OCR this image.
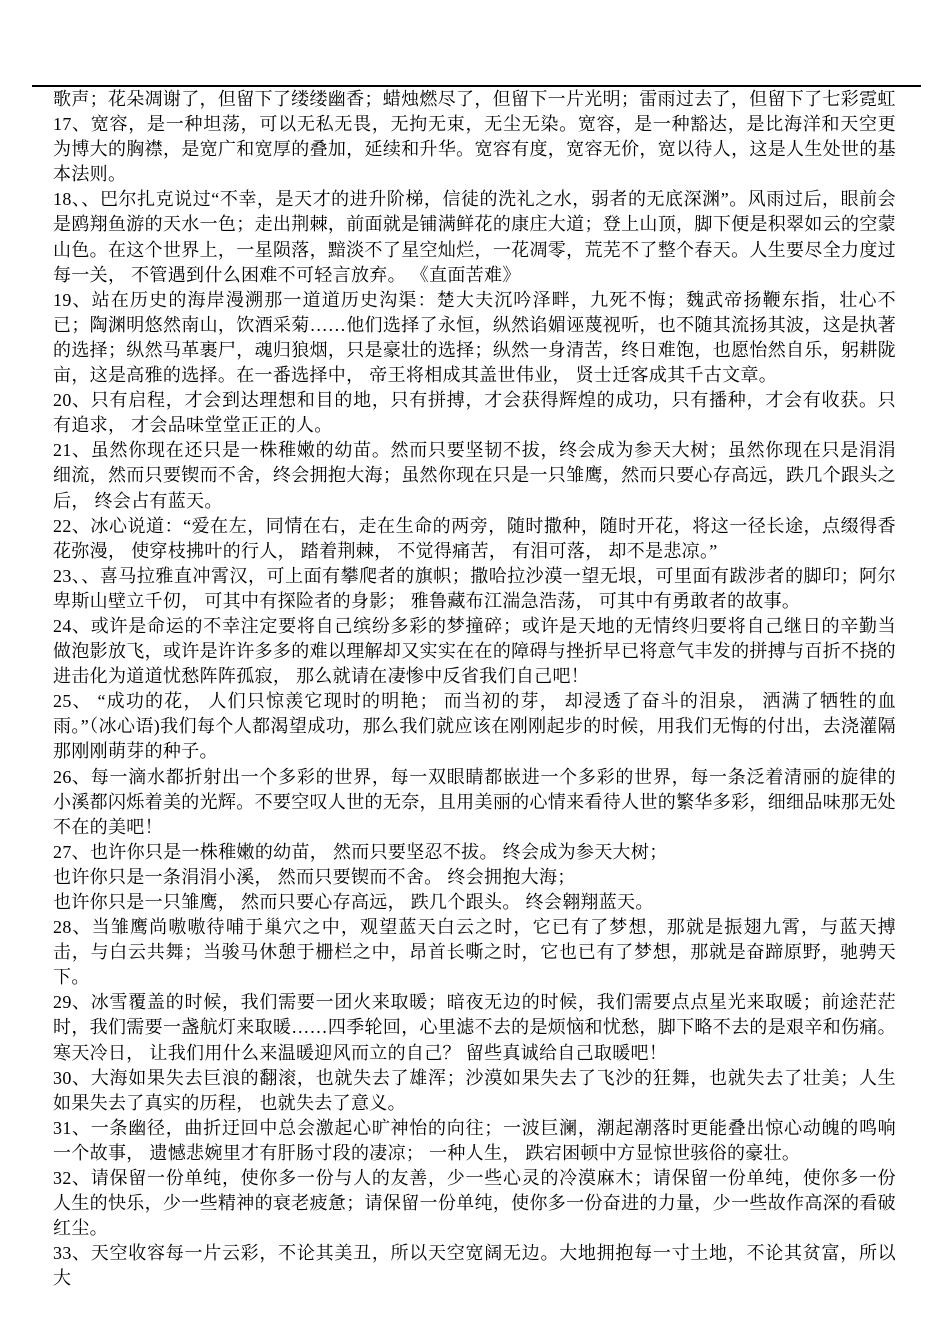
歌声；花朵凋谢了，但留下了缕缕幽香；蜡烛燃尽了，但留下一片光明；雷雨过去了，但留下了七彩霓虹

17、宽容，是一种坦荡，可以无私无畏，无拘无束，无尘无染。宽容，是一种豁达，是比海洋和天空更为博大的胸襟，是宽广和宽厚的叠加，延续和升华。宽容有度，宽容无价，宽以待人，这是人生处世的基本法则。

18、、巴尔扎克说过“不幸，是天才的进升阶梯，信徒的洗礼之水，弱者的无底深渊”。风雨过后，眼前会是鸥翔鱼游的天水一色；走出荆棘，前面就是铺满鲜花的康庄大道；登上山顶，脚下便是积翠如云的空蒙山色。在这个世界上，一星陨落，黯淡不了星空灿烂，一花凋零，荒芜不了整个春天。人生要尽全力度过每一关， 不管遇到什么困难不可轻言放弃。 《直面苦难》

19、站在历史的海岸漫溯那一道道历史沟渠：楚大夫沉吟泽畔，九死不悔；魏武帝扬鞭东指，壮心不已；陶渊明悠然南山，饮酒采菊……他们选择了永恒，纵然谄媚诬蔑视听，也不随其流扬其波，这是执著的选择；纵然马革裹尸，魂归狼烟，只是豪壮的选择；纵然一身清苦，终日难饱，也愿怡然自乐，躬耕陇亩，这是高雅的选择。在一番选择中， 帝王将相成其盖世伟业， 贤士迁客成其千古文章。

20、只有启程，才会到达理想和目的地，只有拼搏，才会获得辉煌的成功，只有播种，才会有收获。只有追求， 才会品味堂堂正正的人。

21、虽然你现在还只是一株稚嫩的幼苗。然而只要坚韧不拔，终会成为参天大树；虽然你现在只是涓涓细流，然而只要锲而不舍，终会拥抱大海；虽然你现在只是一只雏鹰，然而只要心存高远，跌几个跟头之后， 终会占有蓝天。

22、冰心说道：“爱在左，同情在右，走在生命的两旁，随时撒种，随时开花，将这一径长途，点缀得香花弥漫， 使穿枝拂叶的行人， 踏着荆棘， 不觉得痛苦， 有泪可落， 却不是悲凉。”

23、、喜马拉雅直冲霄汉，可上面有攀爬者的旗帜；撒哈拉沙漠一望无垠，可里面有跋涉者的脚印；阿尔卑斯山壁立千仞， 可其中有探险者的身影； 雅鲁藏布江湍急浩荡， 可其中有勇敢者的故事。

24、或许是命运的不幸注定要将自己缤纷多彩的梦撞碎；或许是天地的无情终归要将自己继日的辛勤当做泡影放飞，或许是许许多多的难以理解却又实实在在的障碍与挫折早已将意气丰发的拼搏与百折不挠的进击化为道道忧愁阵阵孤寂， 那么就请在凄惨中反省我们自己吧！

25、 “成功的花， 人们只惊羡它现时的明艳； 而当初的芽， 却浸透了奋斗的泪泉， 洒满了牺牲的血雨。”（冰心语)我们每个人都渴望成功，那么我们就应该在刚刚起步的时候，用我们无悔的付出，去浇灌隔那刚刚萌芽的种子。

26、每一滴水都折射出一个多彩的世界，每一双眼睛都嵌进一个多彩的世界，每一条泛着清丽的旋律的小溪都闪烁着美的光辉。不要空叹人世的无奈，且用美丽的心情来看待人世的繁华多彩，细细品味那无处不在的美吧！

27、也许你只是一株稚嫩的幼苗， 然而只要坚忍不拔。 终会成为参天大树；

也许你只是一条涓涓小溪， 然而只要锲而不舍。 终会拥抱大海；

也许你只是一只雏鹰， 然而只要心存高远， 跌几个跟头。 终会翱翔蓝天。

28、当雏鹰尚嗷嗷待哺于巢穴之中，观望蓝天白云之时，它已有了梦想，那就是振翅九霄，与蓝天搏击，与白云共舞；当骏马休憩于栅栏之中，昂首长嘶之时，它也已有了梦想，那就是奋蹄原野，驰骋天下。

29、冰雪覆盖的时候，我们需要一团火来取暖；暗夜无边的时候，我们需要点点星光来取暖；前途茫茫时，我们需要一盏航灯来取暖……四季轮回，心里滤不去的是烦恼和忧愁，脚下略不去的是艰辛和伤痛。 寒天冷日， 让我们用什么来温暖迎风而立的自己？ 留些真诚给自己取暖吧！

30、大海如果失去巨浪的翻滚，也就失去了雄浑；沙漠如果失去了飞沙的狂舞，也就失去了壮美；人生如果失去了真实的历程， 也就失去了意义。

31、一条幽径，曲折迂回中总会激起心旷神怡的向往；一波巨澜，潮起潮落时更能叠出惊心动魄的鸣响一个故事， 遗憾悲婉里才有肝肠寸段的凄凉； 一种人生， 跌宕困顿中方显惊世骇俗的豪壮。

32、请保留一份单纯，使你多一份与人的友善，少一些心灵的冷漠麻木；请保留一份单纯，使你多一份人生的快乐，少一些精神的衰老疲惫；请保留一份单纯，使你多一份奋进的力量，少一些故作高深的看破红尘。

33、天空收容每一片云彩，不论其美丑，所以天空宽阔无边。大地拥抱每一寸土地，不论其贫富，所以大
